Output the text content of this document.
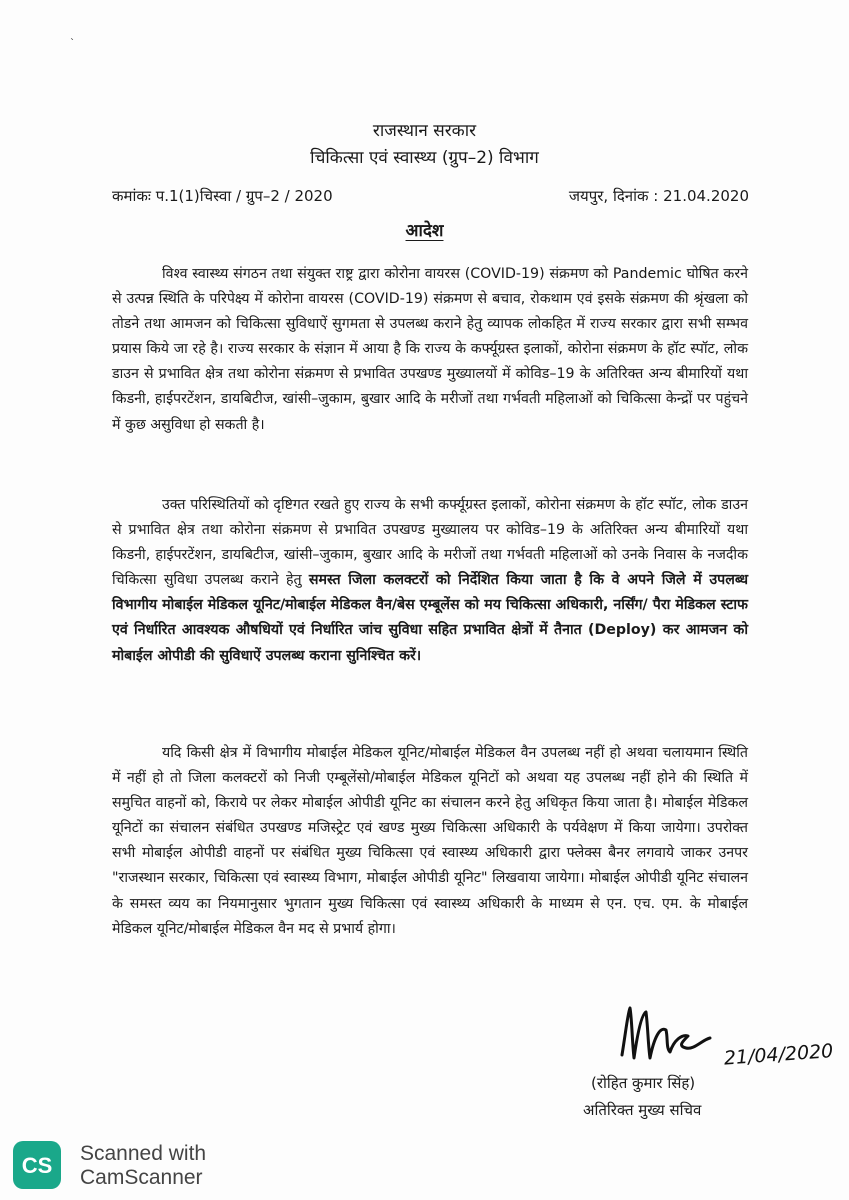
ˋ
राजस्थान सरकार
चिकित्सा एवं स्वास्थ्य (ग्रुप–2) विभाग
कमांकः प.1(1)चिस्वा / ग्रुप–2 / 2020	जयपुर, दिनांक : 21.04.2020
आदेश

विश्व स्वास्थ्य संगठन तथा संयुक्त राष्ट्र द्वारा कोरोना वायरस (COVID-19) संक्रमण को Pandemic घोषित करने से उत्पन्न स्थिति के परिपेक्ष्य में कोरोना वायरस (COVID-19) संक्रमण से बचाव, रोकथाम एवं इसके संक्रमण की श्रृंखला को तोडने तथा आमजन को चिकित्सा सुविधाऐं सुगमता से उपलब्ध कराने हेतु व्यापक लोकहित में राज्य सरकार द्वारा सभी सम्भव प्रयास किये जा रहे है। राज्य सरकार के संज्ञान में आया है कि राज्य के कर्फ्यूग्रस्त इलाकों, कोरोना संक्रमण के हॉट स्पॉट, लोक डाउन से प्रभावित क्षेत्र तथा कोरोना संक्रमण से प्रभावित उपखण्ड मुख्यालयों में कोविड–19 के अतिरिक्त अन्य बीमारियों यथा किडनी, हाईपरटेंशन, डायबिटीज, खांसी–जुकाम, बुखार आदि के मरीजों तथा गर्भवती महिलाओं को चिकित्सा केन्द्रों पर पहुंचने में कुछ असुविधा हो सकती है।

उक्त परिस्थितियों को दृष्टिगत रखते हुए राज्य के सभी कर्फ्यूग्रस्त इलाकों, कोरोना संक्रमण के हॉट स्पॉट, लोक डाउन से प्रभावित क्षेत्र तथा कोरोना संक्रमण से प्रभावित उपखण्ड मुख्यालय पर कोविड–19 के अतिरिक्त अन्य बीमारियों यथा किडनी, हाईपरटेंशन, डायबिटीज, खांसी–जुकाम, बुखार आदि के मरीजों तथा गर्भवती महिलाओं को उनके निवास के नजदीक चिकित्सा सुविधा उपलब्ध कराने हेतु समस्त जिला कलक्टरों को निर्देशित किया जाता है कि वे अपने जिले में उपलब्ध विभागीय मोबाईल मेडिकल यूनिट/मोबाईल मेडिकल वैन/बेस एम्बूलेंस को मय चिकित्सा अधिकारी, नर्सिंग/ पैरा मेडिकल स्टाफ एवं निर्धारित आवश्यक औषधियों एवं निर्धारित जांच सुविधा सहित प्रभावित क्षेत्रों में तैनात (Deploy) कर आमजन को मोबाईल ओपीडी की सुविधाऐं उपलब्ध कराना सुनिश्चित करें।

यदि किसी क्षेत्र में विभागीय मोबाईल मेडिकल यूनिट/मोबाईल मेडिकल वैन उपलब्ध नहीं हो अथवा चलायमान स्थिति में नहीं हो तो जिला कलक्टरों को निजी एम्बूलेंसो/मोबाईल मेडिकल यूनिटों को अथवा यह उपलब्ध नहीं होने की स्थिति में समुचित वाहनों को, किराये पर लेकर मोबाईल ओपीडी यूनिट का संचालन करने हेतु अधिकृत किया जाता है। मोबाईल मेडिकल यूनिटों का संचालन संबंधित उपखण्ड मजिस्ट्रेट एवं खण्ड मुख्य चिकित्सा अधिकारी के पर्यवेक्षण में किया जायेगा। उपरोक्त सभी मोबाईल ओपीडी वाहनों पर संबंधित मुख्य चिकित्सा एवं स्वास्थ्य अधिकारी द्वारा फ्लेक्स बैनर लगवाये जाकर उनपर "राजस्थान सरकार, चिकित्सा एवं स्वास्थ्य विभाग, मोबाईल ओपीडी यूनिट" लिखवाया जायेगा। मोबाईल ओपीडी यूनिट संचालन के समस्त व्यय का नियमानुसार भुगतान मुख्य चिकित्सा एवं स्वास्थ्य अधिकारी के माध्यम से एन. एच. एम. के मोबाईल मेडिकल यूनिट/मोबाईल मेडिकल वैन मद से प्रभार्य होगा।

21/04/2020
(रोहित कुमार सिंह)
अतिरिक्त मुख्य सचिव
CS Scanned with
CamScanner
